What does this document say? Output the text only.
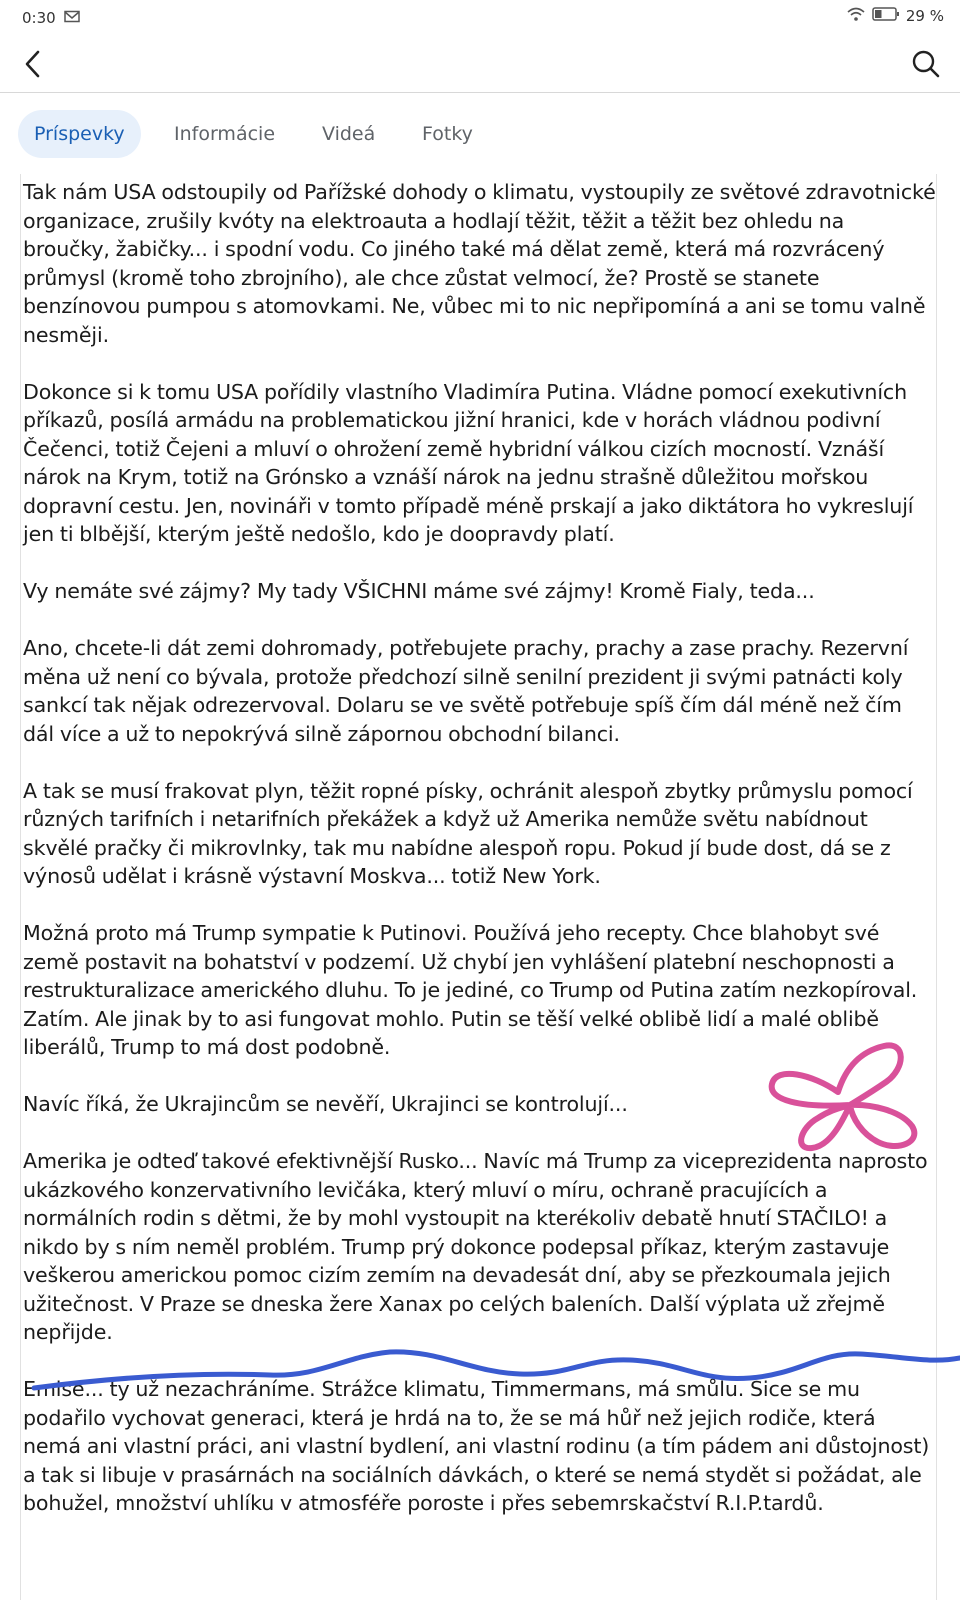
0:30	29 %
Príspevky	Informácie	Videá	Fotky

Tak nám USA odstoupily od Pařížské dohody o klimatu, vystoupily ze světové zdravotnické organizace, zrušily kvóty na elektroauta a hodlají těžit, těžit a těžit bez ohledu na broučky, žabičky... i spodní vodu. Co jiného také má dělat země, která má rozvrácený průmysl (kromě toho zbrojního), ale chce zůstat velmocí, že? Prostě se stanete benzínovou pumpou s atomovkami. Ne, vůbec mi to nic nepřipomíná a ani se tomu valně nesměji.

Dokonce si k tomu USA pořídily vlastního Vladimíra Putina. Vládne pomocí exekutivních příkazů, posílá armádu na problematickou jižní hranici, kde v horách vládnou podivní Čečenci, totiž Čejeni a mluví o ohrožení země hybridní válkou cizích mocností. Vznáší nárok na Krym, totiž na Grónsko a vznáší nárok na jednu strašně důležitou mořskou dopravní cestu. Jen, novináři v tomto případě méně prskají a jako diktátora ho vykreslují jen ti blbější, kterým ještě nedošlo, kdo je doopravdy platí.

Vy nemáte své zájmy? My tady VŠICHNI máme své zájmy! Kromě Fialy, teda...

Ano, chcete-li dát zemi dohromady, potřebujete prachy, prachy a zase prachy. Rezervní měna už není co bývala, protože předchozí silně senilní prezident ji svými patnácti koly sankcí tak nějak odrezervoval. Dolaru se ve světě potřebuje spíš čím dál méně než čím dál více a už to nepokrývá silně zápornou obchodní bilanci.

A tak se musí frakovat plyn, těžit ropné písky, ochránit alespoň zbytky průmyslu pomocí různých tarifních i netarifních překážek a když už Amerika nemůže světu nabídnout skvělé pračky či mikrovlnky, tak mu nabídne alespoň ropu. Pokud jí bude dost, dá se z výnosů udělat i krásně výstavní Moskva... totiž New York.

Možná proto má Trump sympatie k Putinovi. Používá jeho recepty. Chce blahobyt své země postavit na bohatství v podzemí. Už chybí jen vyhlášení platební neschopnosti a restrukturalizace amerického dluhu. To je jediné, co Trump od Putina zatím nezkopíroval. Zatím. Ale jinak by to asi fungovat mohlo. Putin se těší velké oblibě lidí a malé oblibě liberálů, Trump to má dost podobně.

Navíc říká, že Ukrajincům se nevěří, Ukrajinci se kontrolují...

Amerika je odteď takové efektivnější Rusko... Navíc má Trump za viceprezidenta naprosto ukázkového konzervativního levičáka, který mluví o míru, ochraně pracujících a normálních rodin s dětmi, že by mohl vystoupit na kterékoliv debatě hnutí STAČILO! a nikdo by s ním neměl problém. Trump prý dokonce podepsal příkaz, kterým zastavuje veškerou americkou pomoc cizím zemím na devadesát dní, aby se přezkoumala jejich užitečnost. V Praze se dneska žere Xanax po celých baleních. Další výplata už zřejmě nepřijde.

Emise... ty už nezachráníme. Strážce klimatu, Timmermans, má smůlu. Sice se mu podařilo vychovat generaci, která je hrdá na to, že se má hůř než jejich rodiče, která nemá ani vlastní práci, ani vlastní bydlení, ani vlastní rodinu (a tím pádem ani důstojnost) a tak si libuje v prasárnách na sociálních dávkách, o které se nemá stydět si požádat, ale bohužel, množství uhlíku v atmosféře poroste i přes sebemrskačství R.I.P.tardů.
